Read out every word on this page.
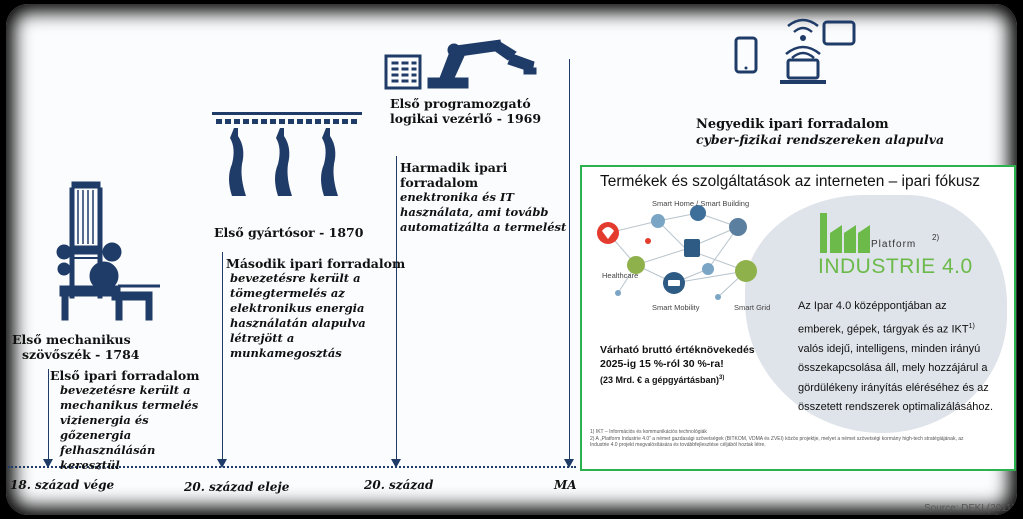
18. század vége	20. század eleje	20. század	MA
Első mechanikus
szövőszék - 1784
Első ipari forradalom
bevezetésre került a
mechanikus termelés
vizienergia és
gőzenergia
felhasználásán
keresztül
Első gyártósor - 1870
Második ipari forradalom
bevezetésre került a
tömegtermelés az
elektronikus energia
használatán alapulva
létrejött a
munkamegosztás
Első programozgató
logikai vezérlő - 1969
Harmadik ipari
forradalom
enektronika és IT
használata, ami tovább
automatizálta a termelést
Negyedik ipari forradalom
cyber-fizikai rendszereken alapulva
Termékek és szolgáltatások az interneten – ipari fókusz
Smart Home / Smart Building
Healthcare
Smart Mobility	Smart Grid
Platform
2)
INDUSTRIE 4.0
Az Ipar 4.0 középpontjában az
emberek, gépek, tárgyak és az IKT$^{1)}$
valós idejű, intelligens, minden irányú
összekapcsolása áll, mely hozzájárul a
gördülékeny irányítás eléréséhez és az
összetett rendszerek optimalizálásához.
Várható bruttó értéknövekedés
2025-ig 15 %-ról 30 %-ra!
(23 Mrd. € a gépgyártásban)$^{3)}$
1) IKT – Információs és kommunikációs technológiák
2) A „Platform Industrie 4.0” a német gazdasági szövetségek (BITKOM, VDMA és ZVEI) közös projektje, melyet a német szövetségi kormány high-tech stratégiájának, az
Industrie 4.0 projekt megvalósítására és továbbfejlesztése céljából hoztak létre.
Source: DFKI (2011)
